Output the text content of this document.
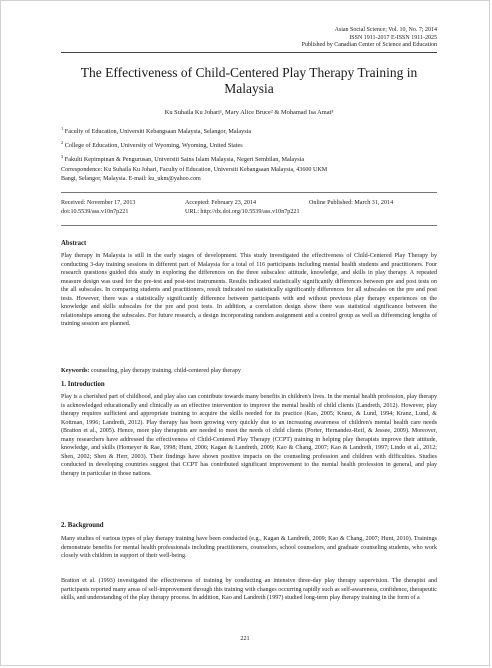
Asian Social Science; Vol. 10, No. 7; 2014
ISSN 1911-2017 E-ISSN 1911-2025
Published by Canadian Center of Science and Education
The Effectiveness of Child-Centered Play Therapy Training in
Malaysia
Ku Suhaila Ku Johari¹, Mary Alice Bruce² & Mohamad Isa Amat³
$^1$ Faculty of Education, Universiti Kebangsaan Malaysia, Selangor, Malaysia
$^2$ College of Education, University of Wyoming, Wyoming, United States
$^3$ Fakulti Kepimpinan & Pengurusan, Universiti Sains Islam Malaysia, Negeri Sembilan, Malaysia
Correspondence: Ku Suhaila Ku Johari, Faculty of Education, Universiti Kebangsaan Malaysia, 43600 UKM
Bangi, Selangor, Malaysia. E-mail: ku_ukm@yahoo.com
Received: November 17, 2013	Accepted: February 23, 2014	Online Published: March 31, 2014
doi:10.5539/ass.v10n7p221	URL: http://dx.doi.org/10.5539/ass.v10n7p221
Abstract

Play therapy in Malaysia is still in the early stages of development. This study investigated the effectiveness of Child-Centered Play Therapy by conducting 3-day training sessions in different part of Malaysia for a total of 116 participants including mental health students and practitioners. Four research questions guided this study in exploring the differences on the three subscales: attitude, knowledge, and skills in play therapy. A repeated measure design was used for the pre-test and post-test instruments. Results indicated statistically significantly differences between pre and post tests on the all subscales. In comparing students and practitioners, result indicated no statistically significantly differences for all subscales on the pre and post tests. However, there was a statistically significantly difference between participants with and without previous play therapy experiences on the knowledge and skills subscales for the pre and post tests. In addition, a correlation design show there was statistical significance between the relationships among the subscales. For future research, a design incorporating random assignment and a control group as well as differencing lengths of training session are planned.

Keywords: counseling, play therapy training, child-centered play therapy
1. Introduction

Play is a cherished part of childhood, and play also can contribute towards many benefits in children's lives. In the mental health profession, play therapy is acknowledged educationally and clinically as an effective intervention to improve the mental health of child clients (Landreth, 2012). However, play therapy requires sufficient and appropriate training to acquire the skills needed for its practice (Kao, 2005; Kranz, & Lund, 1994; Kranz, Lund, & Kottman, 1996; Landreth, 2012). Play therapy has been growing very quickly due to an increasing awareness of children's mental health care needs (Bratton et al., 2005). Hence, more play therapists are needed to meet the needs of child clients (Porter, Hernandez-Reif, & Jessee, 2009). Moreover, many researchers have addressed the effectiveness of Child-Centered Play Therapy (CCPT) training in helping play therapists improve their attitude, knowledge, and skills (Homeyer & Rae, 1998; Hunt, 2006; Kagan & Landreth, 2009; Kao & Chang, 2007; Kao & Landreth, 1997; Lindo et al., 2012; Shen, 2002; Shen & Herr, 2003). Their findings have shown positive impacts on the counseling profession and children with difficulties. Studies conducted in developing countries suggest that CCPT has contributed significant improvement to the mental health profession in general, and play therapy in particular in those nations.

2. Background

Many studies of various types of play therapy training have been conducted (e.g., Kagan & Landreth, 2009; Kao & Chang, 2007; Hunt, 2010). Trainings demonstrate benefits for mental health professionals including practitioners, counselors, school counselors, and graduate counseling students, who work closely with children in support of their well-being.

Bratton et al. (1993) investigated the effectiveness of training by conducting an intensive three-day play therapy supervision. The therapist and participants reported many areas of self-improvement through this training with changes occurring rapidly such as self-awareness, confidence, therapeutic skills, and understanding of the play therapy process. In addition, Kao and Landreth (1997) studied long-term play therapy training in the form of a

221
